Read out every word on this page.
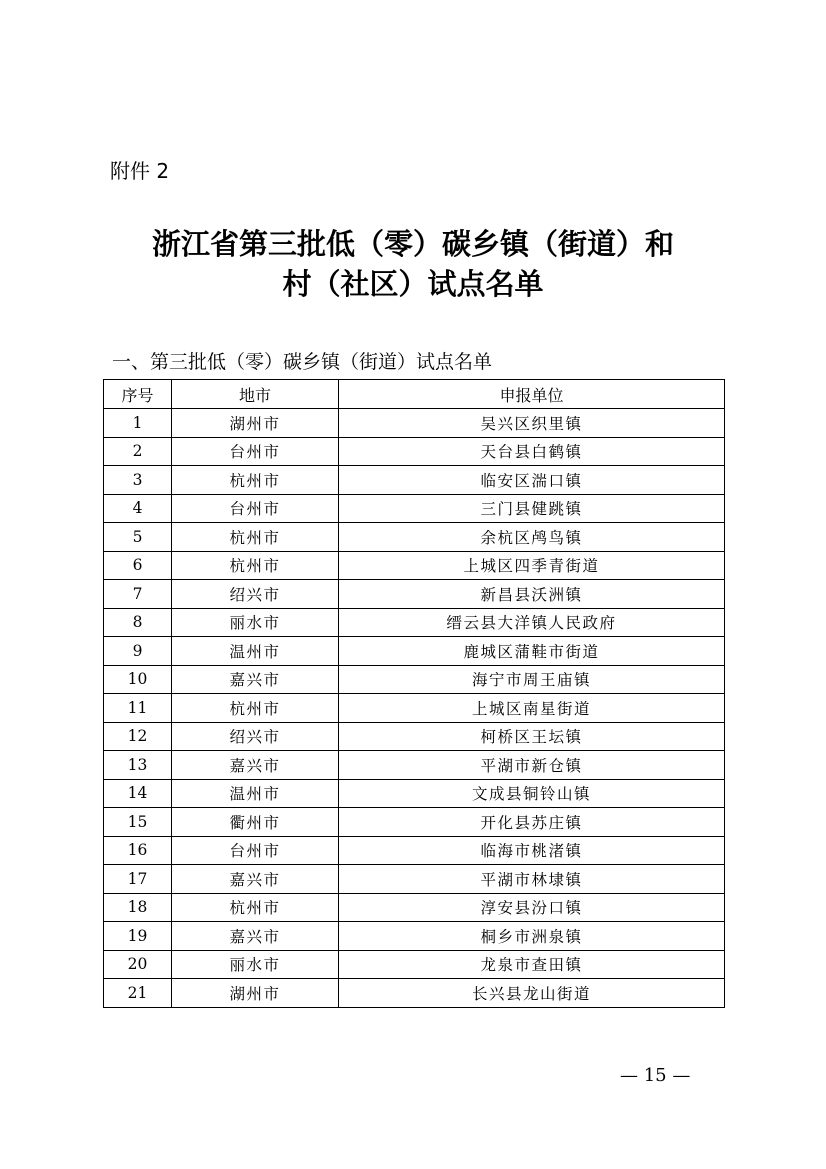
附件 2
浙江省第三批低（零）碳乡镇（街道）和
村（社区）试点名单
一、第三批低（零）碳乡镇（街道）试点名单
序号	地市	申报单位
1	湖州市	吴兴区织里镇
2	台州市	天台县白鹤镇
3	杭州市	临安区湍口镇
4	台州市	三门县健跳镇
5	杭州市	余杭区鸬鸟镇
6	杭州市	上城区四季青街道
7	绍兴市	新昌县沃洲镇
8	丽水市	缙云县大洋镇人民政府
9	温州市	鹿城区蒲鞋市街道
10	嘉兴市	海宁市周王庙镇
11	杭州市	上城区南星街道
12	绍兴市	柯桥区王坛镇
13	嘉兴市	平湖市新仓镇
14	温州市	文成县铜铃山镇
15	衢州市	开化县苏庄镇
16	台州市	临海市桃渚镇
17	嘉兴市	平湖市林埭镇
18	杭州市	淳安县汾口镇
19	嘉兴市	桐乡市洲泉镇
20	丽水市	龙泉市查田镇
21	湖州市	长兴县龙山街道
— 15 —
